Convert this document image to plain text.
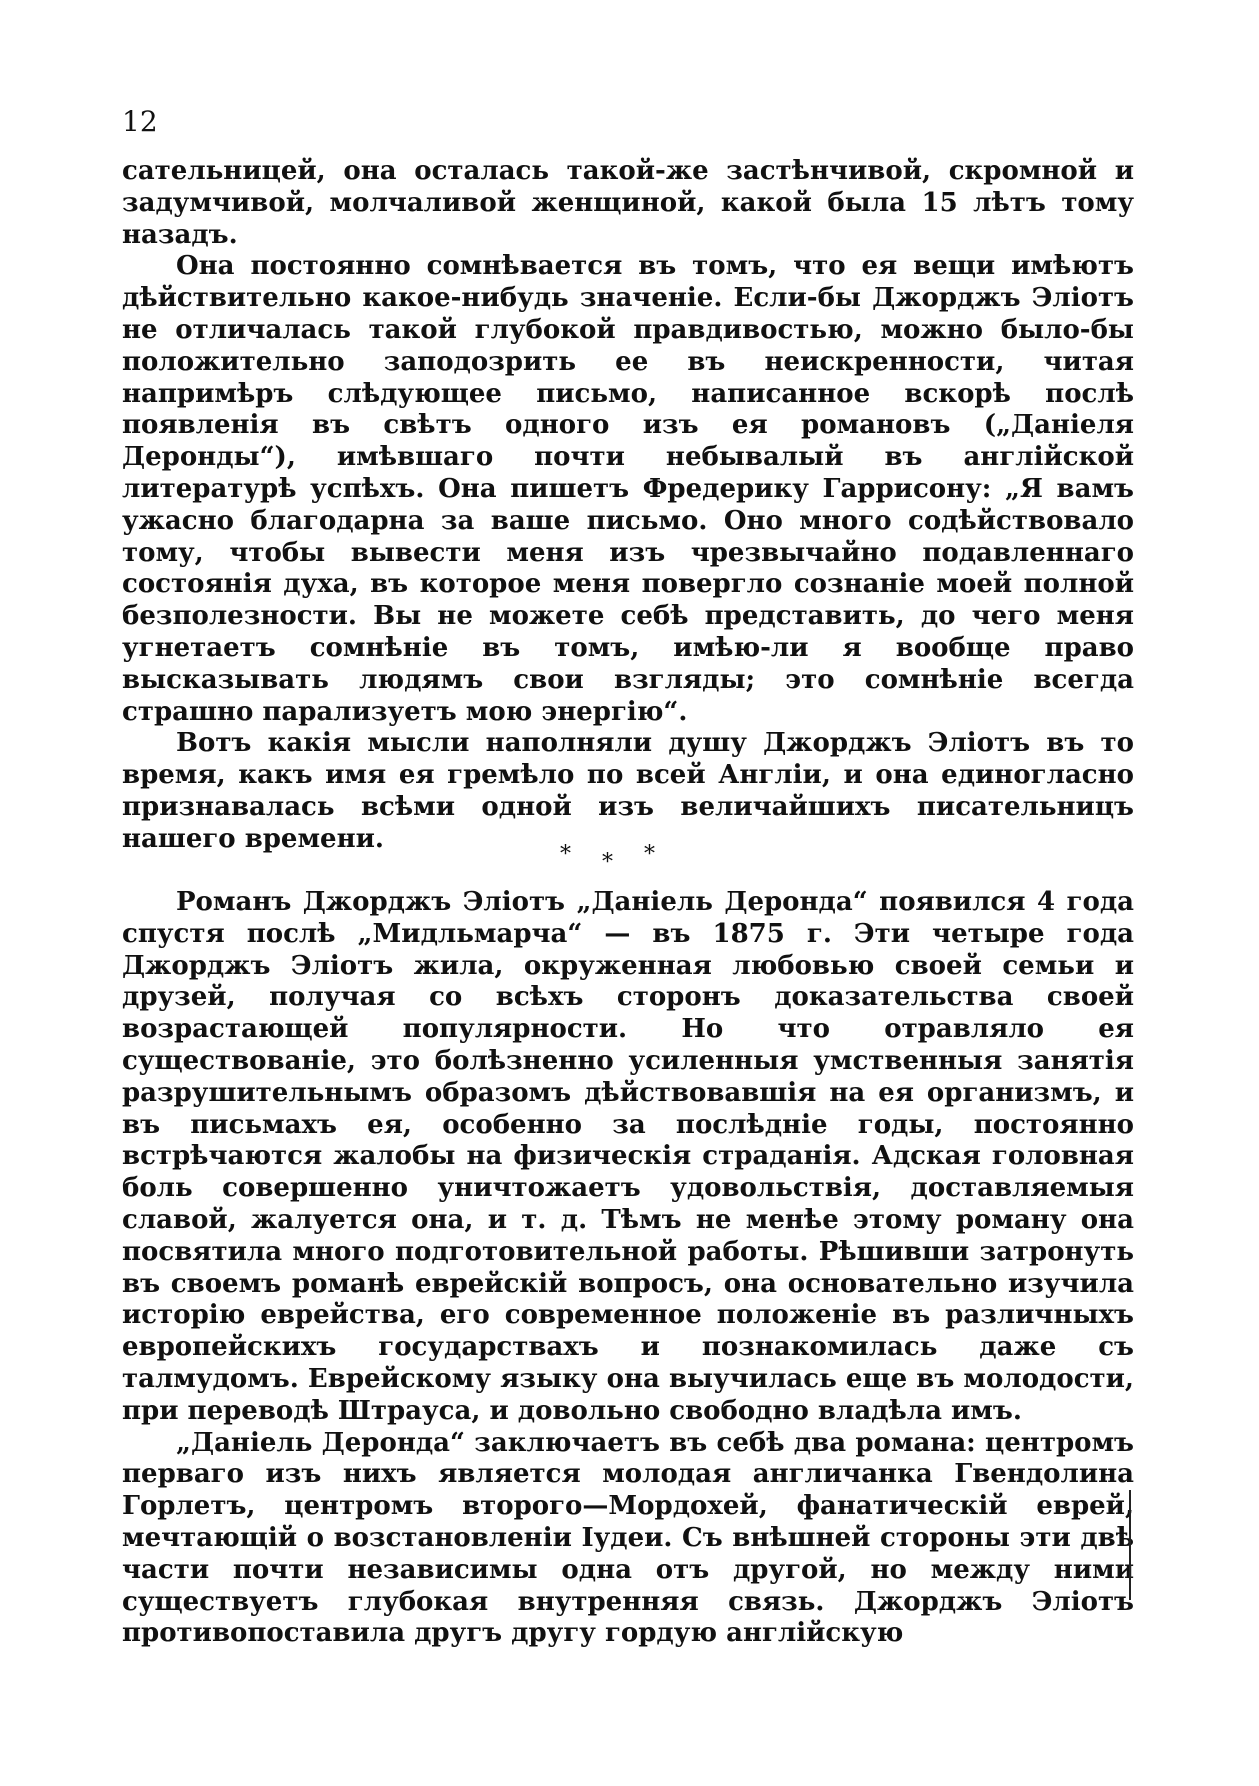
12

сательницей, она осталась такой-же застѣнчивой, скромной и задумчивой, молчаливой женщиной, какой была 15 лѣтъ тому назадъ.

Она постоянно сомнѣвается въ томъ, что ея вещи имѣютъ дѣйствительно какое-нибудь значеніе. Если-бы Джорджъ Эліотъ не отличалась такой глубокой правдивостью, можно было-бы положительно заподозрить ее въ неискренности, читая напримѣръ слѣдующее письмо, написанное вскорѣ послѣ появленія въ свѣтъ одного изъ ея романовъ („Даніеля Деронды“), имѣвшаго почти небывалый въ англійской литературѣ успѣхъ. Она пишетъ Фредерику Гаррисону: „Я вамъ ужасно благодарна за ваше письмо. Оно много содѣйствовало тому, чтобы вывести меня изъ чрезвычайно подавленнаго состоянія духа, въ которое меня повергло сознаніе моей полной безполезности. Вы не можете себѣ представить, до чего меня угнетаетъ сомнѣніе въ томъ, имѣю-ли я вообще право высказывать людямъ свои взгляды; это сомнѣніе всегда страшно парализуетъ мою энергію“.

Вотъ какія мысли наполняли душу Джорджъ Эліотъ въ то время, какъ имя ея гремѣло по всей Англіи, и она единогласно признавалась всѣми одной изъ величайшихъ писательницъ нашего времени.

* * *

Романъ Джорджъ Эліотъ „Даніель Деронда“ появился 4 года спустя послѣ „Мидльмарча“ — въ 1875 г. Эти четыре года Джорджъ Эліотъ жила, окруженная любовью своей семьи и друзей, получая со всѣхъ сторонъ доказательства своей возрастающей популярности. Но что отравляло ея существованіе, это болѣзненно усиленныя умственныя занятія разрушительнымъ образомъ дѣйствовавшія на ея организмъ, и въ письмахъ ея, особенно за послѣдніе годы, постоянно встрѣчаются жалобы на физическія страданія. Адская головная боль совершенно уничтожаетъ удовольствія, доставляемыя славой, жалуется она, и т. д. Тѣмъ не менѣе этому роману она посвятила много подготовительной работы. Рѣшивши затронуть въ своемъ романѣ еврейскій вопросъ, она основательно изучила исторію еврейства, его современное положеніе въ различныхъ европейскихъ государствахъ и познакомилась даже съ талмудомъ. Еврейскому языку она выучилась еще въ молодости, при переводѣ Штрауса, и довольно свободно владѣла имъ.

„Даніель Деронда“ заключаетъ въ себѣ два романа: центромъ перваго изъ нихъ является молодая англичанка Гвендолина Горлетъ, центромъ второго—Мордохей, фанатическій еврей, мечтающій о возстановленіи Іудеи. Съ внѣшней стороны эти двѣ части почти независимы одна отъ другой, но между ними существуетъ глубокая внутренняя связь. Джорджъ Эліотъ противопоставила другъ другу гордую англійскую
